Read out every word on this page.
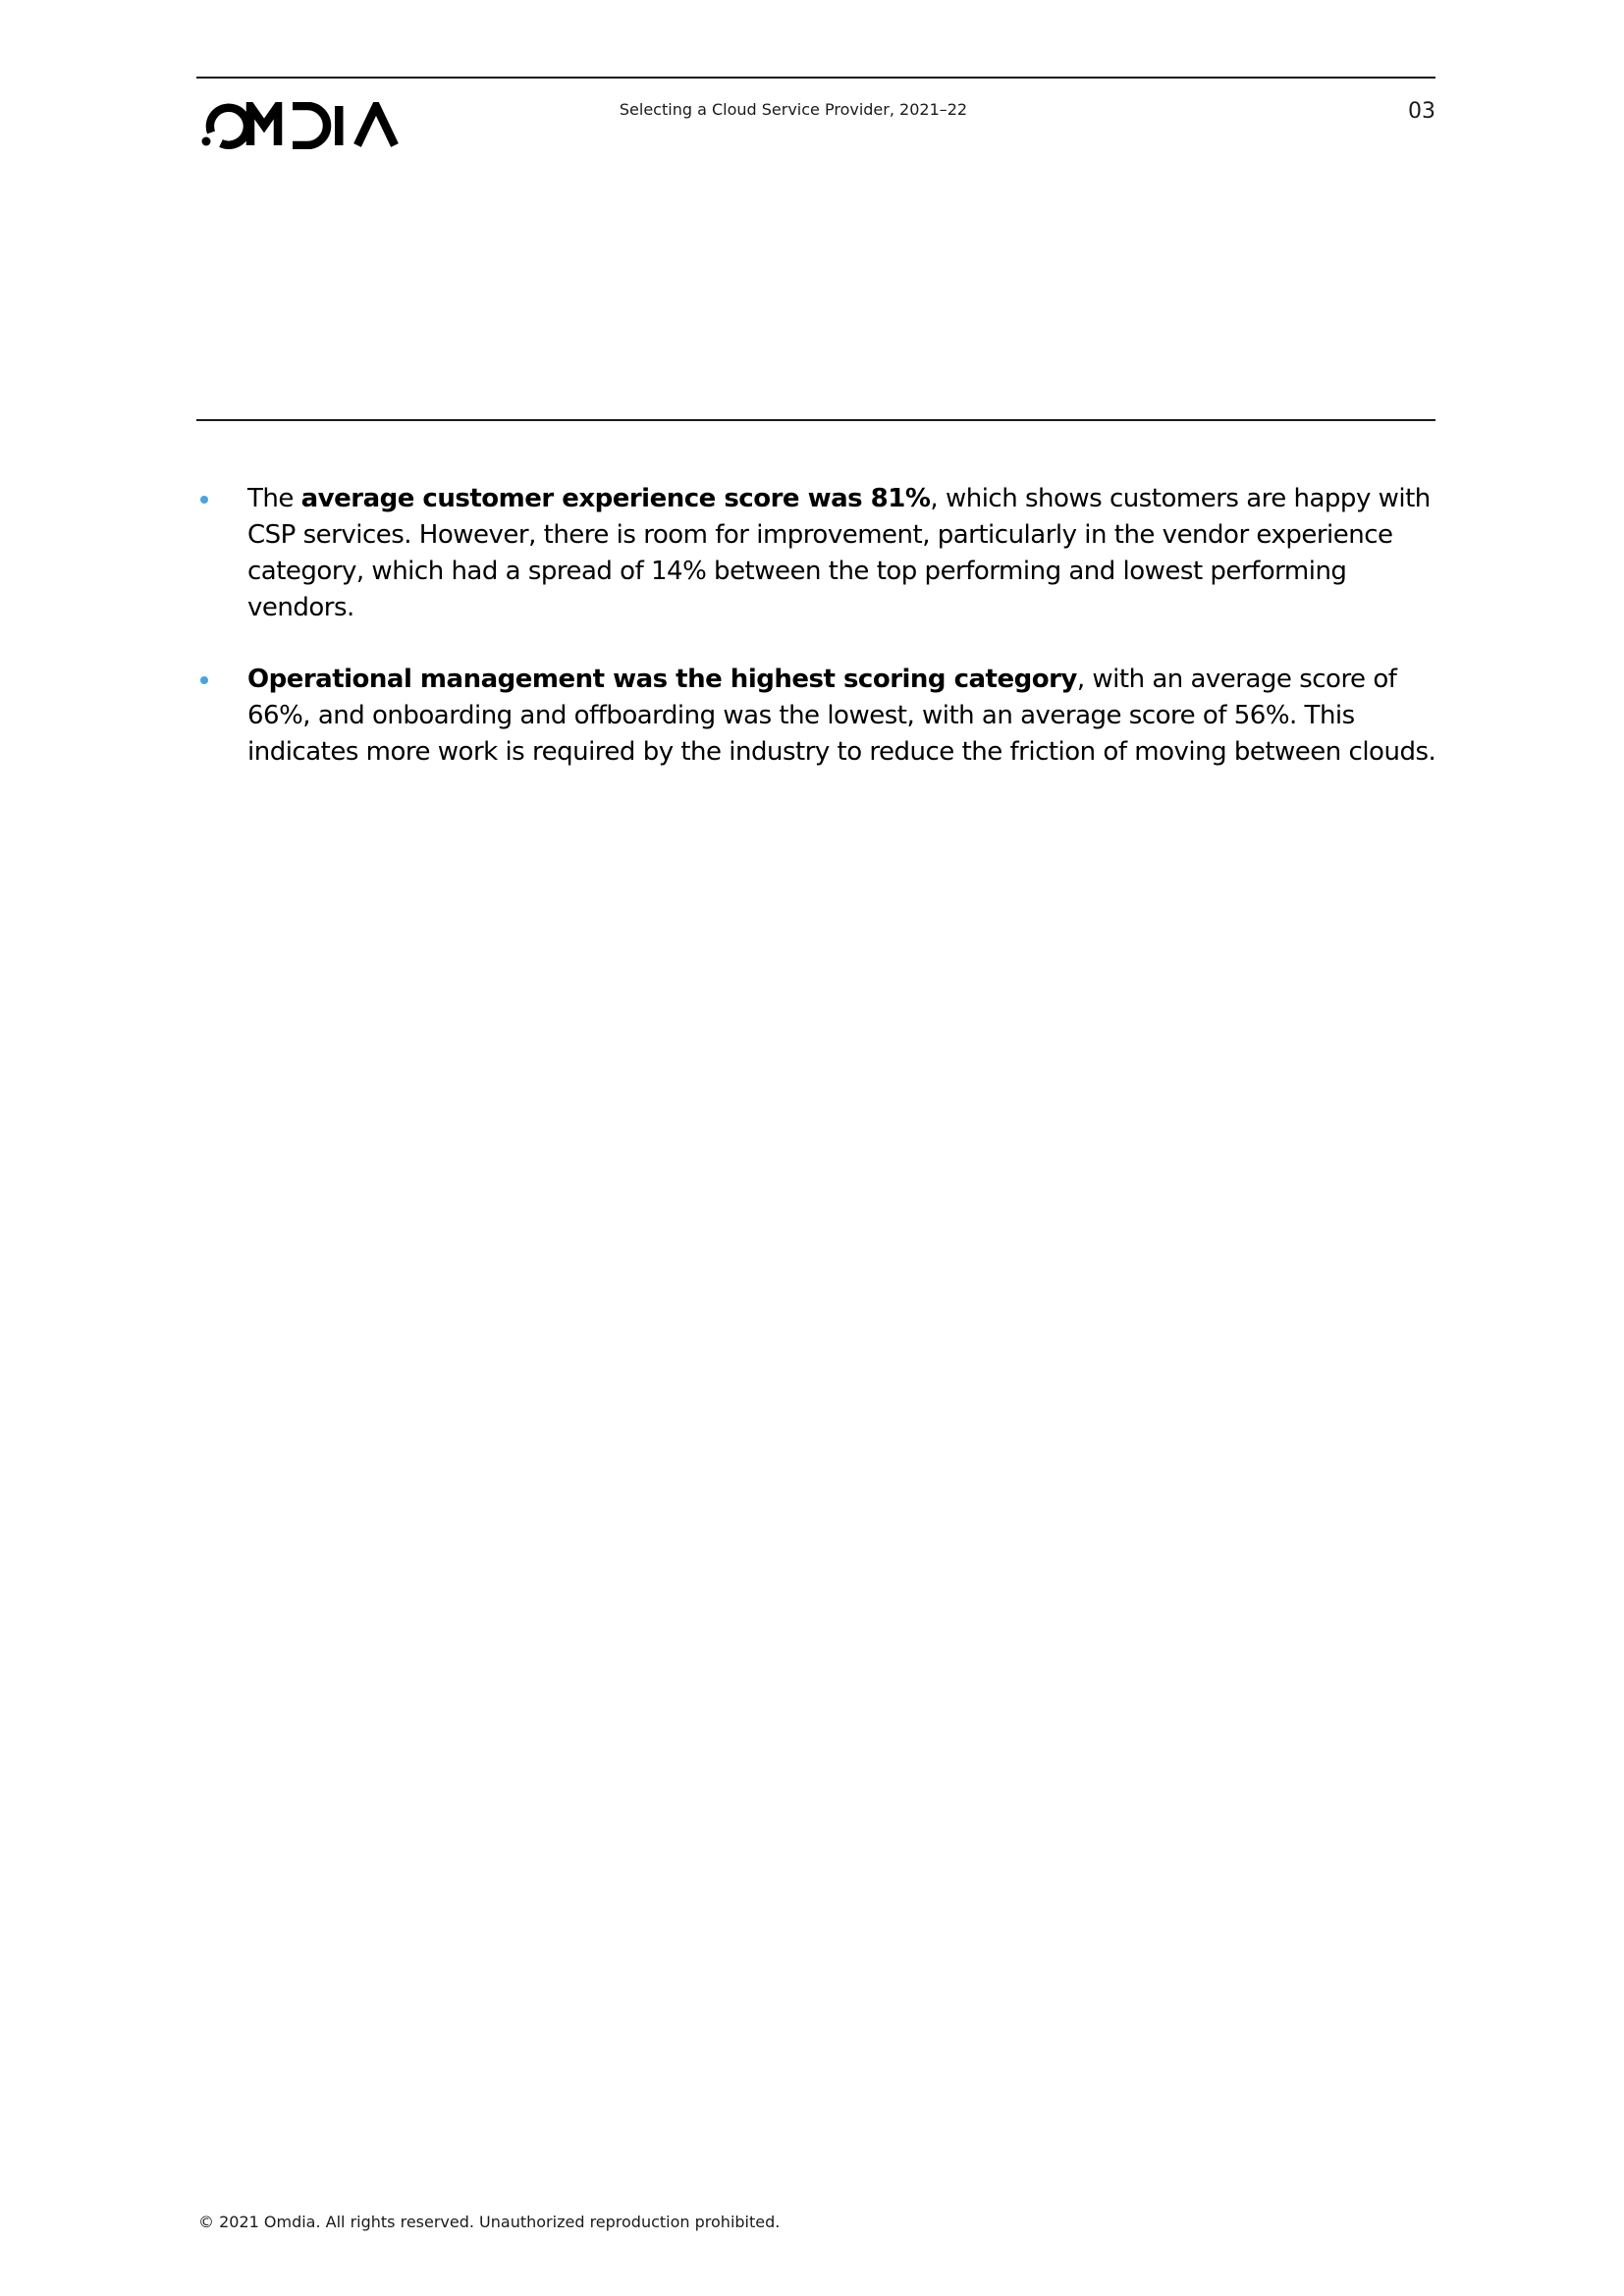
Selecting a Cloud Service Provider, 2021–22	03
The average customer experience score was 81%, which shows customers are happy with CSP services. However, there is room for improvement, particularly in the vendor experience category, which had a spread of 14% between the top performing and lowest performing vendors.
Operational management was the highest scoring category, with an average score of 66%, and onboarding and offboarding was the lowest, with an average score of 56%. This indicates more work is required by the industry to reduce the friction of moving between clouds.
© 2021 Omdia. All rights reserved. Unauthorized reproduction prohibited.
